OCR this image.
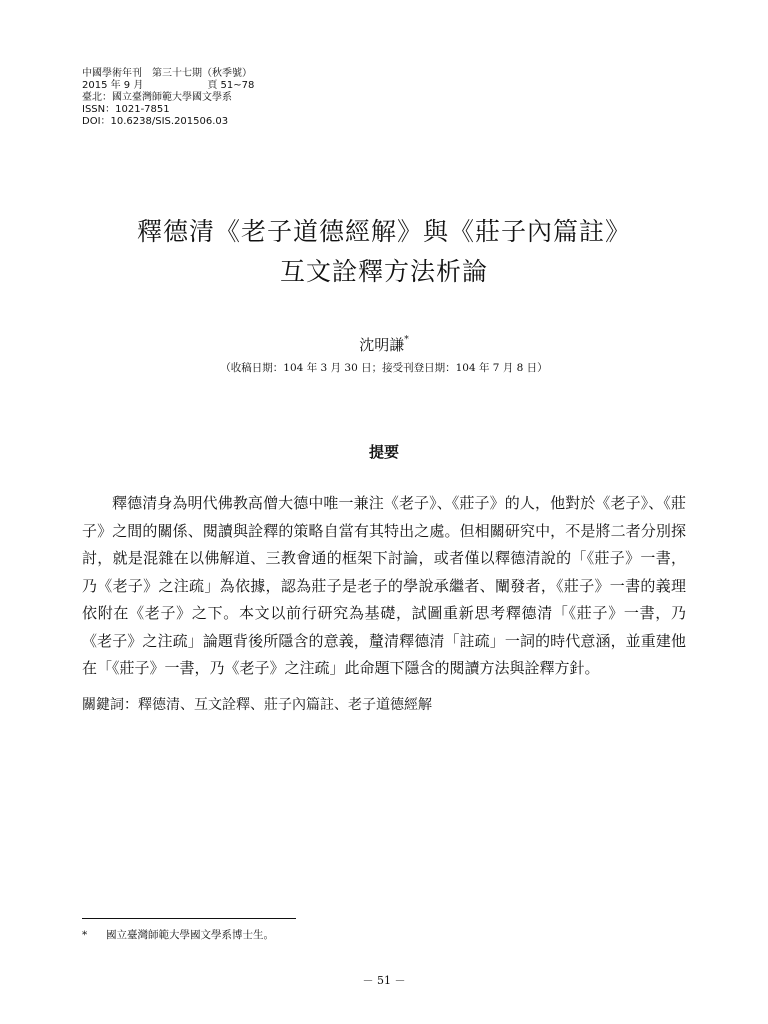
中國學術年刊　第三十七期（秋季號）
2015 年 9 月	頁 51~78
臺北：國立臺灣師範大學國文學系
ISSN：1021-7851
DOI：10.6238/SIS.201506.03
釋德清《老子道德經解》與《莊子內篇註》
互文詮釋方法析論
沈明謙*
（收稿日期：104 年 3 月 30 日；接受刊登日期：104 年 7 月 8 日）
提要

釋德清身為明代佛教高僧大德中唯一兼注《老子》、《莊子》的人，他對於《老子》、《莊子》之間的關係、閱讀與詮釋的策略自當有其特出之處。但相關研究中，不是將二者分別探討，就是混雜在以佛解道、三教會通的框架下討論，或者僅以釋德清說的「《莊子》一書，乃《老子》之注疏」為依據，認為莊子是老子的學說承繼者、闡發者，《莊子》一書的義理依附在《老子》之下。本文以前行研究為基礎，試圖重新思考釋德清「《莊子》一書，乃《老子》之注疏」論題背後所隱含的意義，釐清釋德清「註疏」一詞的時代意涵，並重建他在「《莊子》一書，乃《老子》之注疏」此命題下隱含的閱讀方法與詮釋方針。

關鍵詞：釋德清、互文詮釋、莊子內篇註、老子道德經解
* 國立臺灣師範大學國文學系博士生。
－ 51 －
